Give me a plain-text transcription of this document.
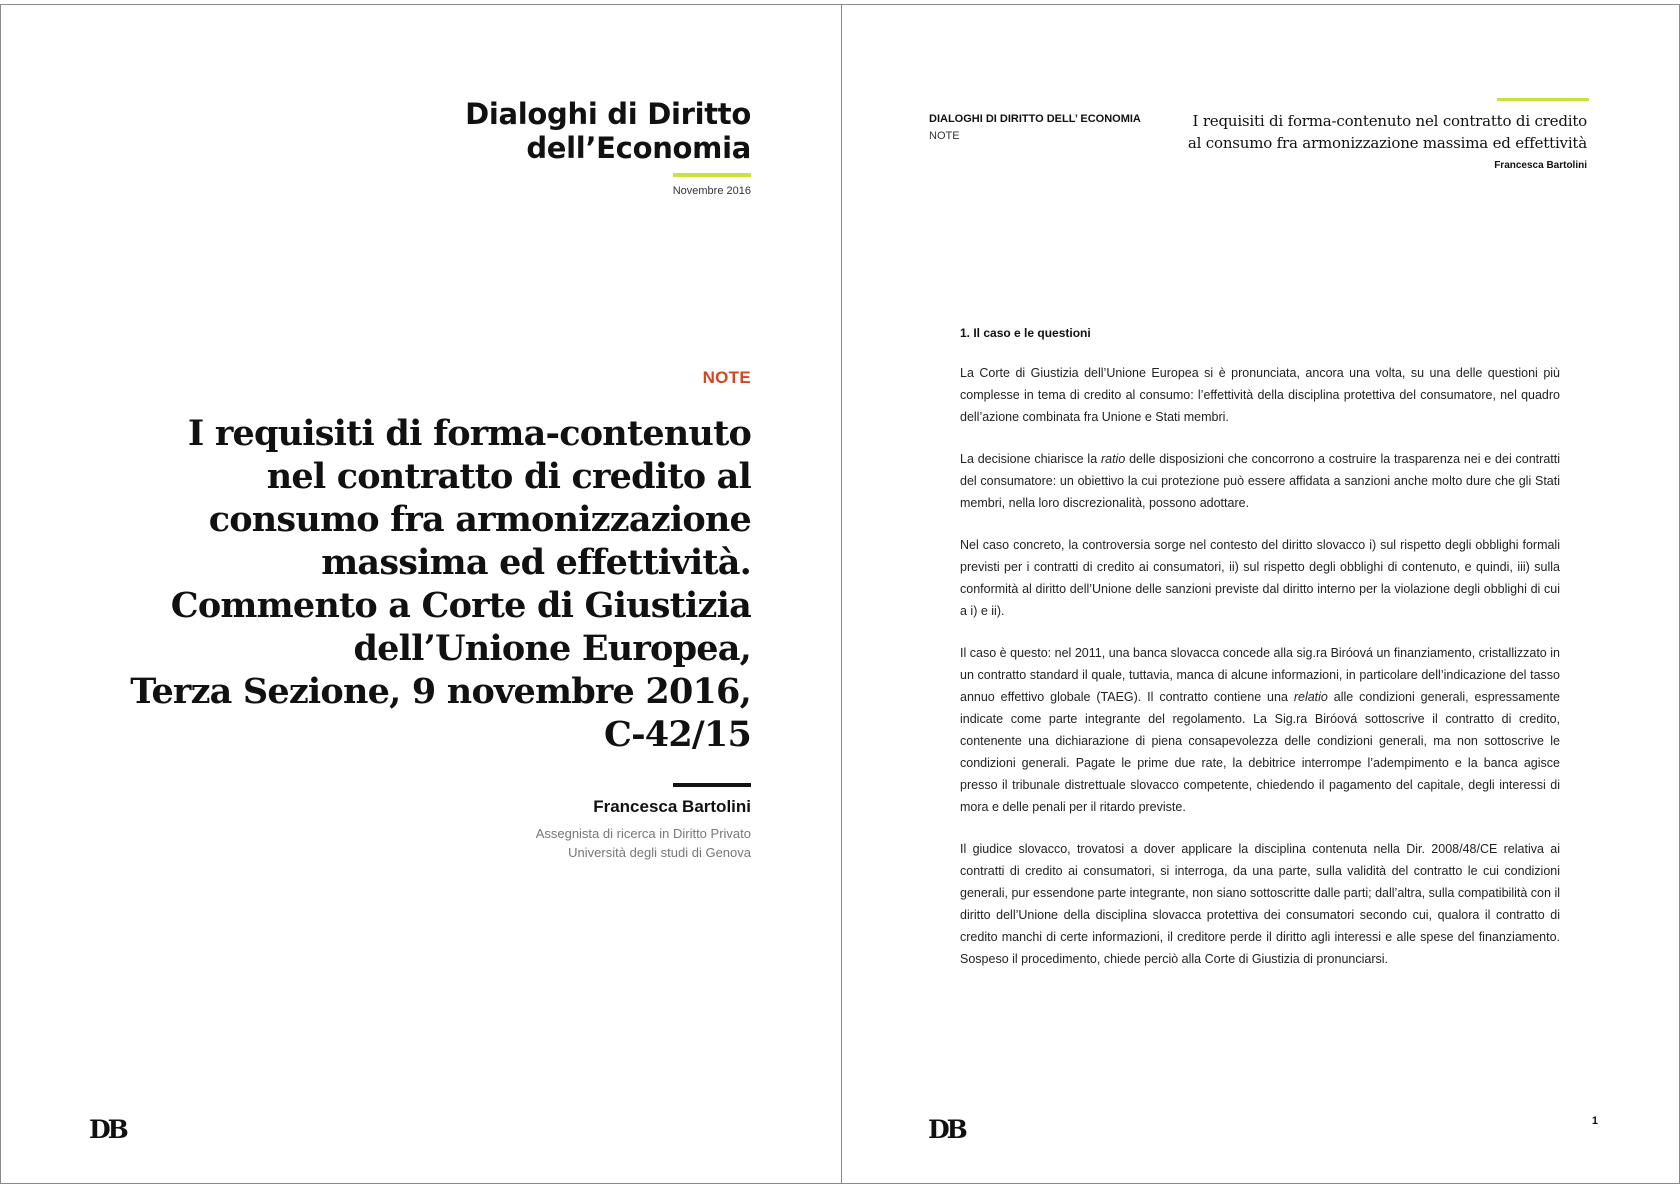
Dialoghi di Diritto
dell’Economia
Novembre 2016
NOTE
I requisiti di forma-contenuto
nel contratto di credito al
consumo fra armonizzazione
massima ed effettività.
Commento a Corte di Giustizia
dell’Unione Europea,
Terza Sezione, 9 novembre 2016,
C-42/15
Francesca Bartolini
Assegnista di ricerca in Diritto Privato
Università degli studi di Genova
DB
DIALOGHI DI DIRITTO DELL’ ECONOMIA
NOTE
I requisiti di forma-contenuto nel contratto di credito
al consumo fra armonizzazione massima ed effettività
Francesca Bartolini
1. Il caso e le questioni

La Corte di Giustizia dell’Unione Europea si è pronunciata, ancora una volta, su una delle questioni più complesse in tema di credito al consumo: l’effettività della disciplina protettiva del consumatore, nel quadro dell’azione combinata fra Unione e Stati membri.

La decisione chiarisce la ratio delle disposizioni che concorrono a costruire la trasparenza nei e dei contratti del consumatore: un obiettivo la cui protezione può essere affidata a sanzioni anche molto dure che gli Stati membri, nella loro discrezionalità, possono adottare.

Nel caso concreto, la controversia sorge nel contesto del diritto slovacco i) sul rispetto degli obblighi formali previsti per i contratti di credito ai consumatori, ii) sul rispetto degli obblighi di contenuto, e quindi, iii) sulla conformità al diritto dell’Unione delle sanzioni previste dal diritto interno per la violazione degli obblighi di cui a i) e ii).

Il caso è questo: nel 2011, una banca slovacca concede alla sig.ra Biróová un finanziamento, cristallizzato in un contratto standard il quale, tuttavia, manca di alcune informazioni, in particolare dell’indicazione del tasso annuo effettivo globale (TAEG). Il contratto contiene una relatio alle condizioni generali, espressamente indicate come parte integrante del regolamento. La Sig.ra Biróová sottoscrive il contratto di credito, contenente una dichiarazione di piena consapevolezza delle condizioni generali, ma non sottoscrive le condizioni generali. Pagate le prime due rate, la debitrice interrompe l’adempimento e la banca agisce presso il tribunale distrettuale slovacco competente, chiedendo il pagamento del capitale, degli interessi di mora e delle penali per il ritardo previste.

Il giudice slovacco, trovatosi a dover applicare la disciplina contenuta nella Dir. 2008/48/CE relativa ai contratti di credito ai consumatori, si interroga, da una parte, sulla validità del contratto le cui condizioni generali, pur essendone parte integrante, non siano sottoscritte dalle parti; dall’altra, sulla compatibilità con il diritto dell’Unione della disciplina slovacca protettiva dei consumatori secondo cui, qualora il contratto di credito manchi di certe informazioni, il creditore perde il diritto agli interessi e alle spese del finanziamento. Sospeso il procedimento, chiede perciò alla Corte di Giustizia di pronunciarsi.

DB	1
